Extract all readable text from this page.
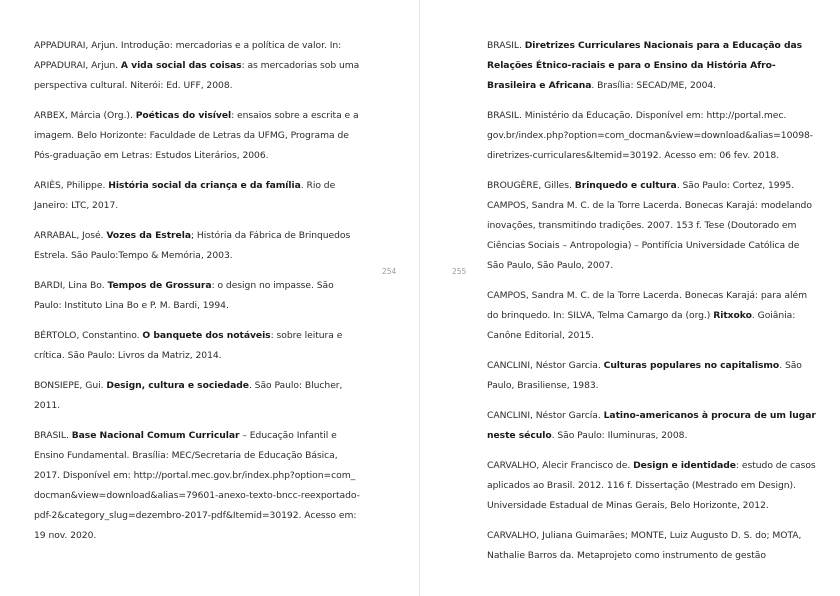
APPADURAI, Arjun. Introdução: mercadorias e a política de valor. In: APPADURAI, Arjun. A vida social das coisas: as mercadorias sob uma perspectiva cultural. Niterói: Ed. UFF, 2008.

ARBEX, Márcia (Org.). Poéticas do visível: ensaios sobre a escrita e a imagem. Belo Horizonte: Faculdade de Letras da UFMG, Programa de Pós-graduação em Letras: Estudos Literários, 2006.

ARIÈS, Philippe. História social da criança e da família. Rio de Janeiro: LTC, 2017.

ARRABAL, José. Vozes da Estrela; História da Fábrica de Brinquedos Estrela. São Paulo:Tempo & Memória, 2003.

BARDI, Lina Bo. Tempos de Grossura: o design no impasse. São Paulo: Instituto Lina Bo e P. M. Bardi, 1994.

BÉRTOLO, Constantino. O banquete dos notáveis: sobre leitura e crítica. São Paulo: Livros da Matriz, 2014.

BONSIEPE, Gui. Design, cultura e sociedade. São Paulo: Blucher, 2011.

BRASIL. Base Nacional Comum Curricular – Educação Infantil e Ensino Fundamental. Brasília: MEC/Secretaria de Educação Básica, 2017. Disponível em: http://portal.mec.gov.br/index.php?option=com_ docman&view=download&alias=79601-anexo-texto-bncc-reexportado-pdf-2&category_slug=dezembro-2017-pdf&Itemid=30192. Acesso em: 19 nov. 2020.

254	255

BRASIL. Diretrizes Curriculares Nacionais para a Educação das Relações Étnico-raciais e para o Ensino da História Afro-Brasileira e Africana. Brasília: SECAD/ME, 2004.

BRASIL. Ministério da Educação. Disponível em: http://portal.mec. gov.br/index.php?option=com_docman&view=download&alias=10098-diretrizes-curriculares&Itemid=30192. Acesso em: 06 fev. 2018.

BROUGÈRE, Gilles. Brinquedo e cultura. São Paulo: Cortez, 1995.

CAMPOS, Sandra M. C. de la Torre Lacerda. Bonecas Karajá: modelando inovações, transmitindo tradições. 2007. 153 f. Tese (Doutorado em Ciências Sociais – Antropologia) – Pontifícia Universidade Católica de São Paulo, São Paulo, 2007.

CAMPOS, Sandra M. C. de la Torre Lacerda. Bonecas Karajá: para além do brinquedo. In: SILVA, Telma Camargo da (org.) Ritxoko. Goiânia: Canône Editorial, 2015.

CANCLINI, Néstor Garcia. Culturas populares no capitalismo. São Paulo, Brasiliense, 1983.

CANCLINI, Néstor García. Latino-americanos à procura de um lugar neste século. São Paulo: Iluminuras, 2008.

CARVALHO, Alecir Francisco de. Design e identidade: estudo de casos aplicados ao Brasil. 2012. 116 f. Dissertação (Mestrado em Design). Universidade Estadual de Minas Gerais, Belo Horizonte, 2012.

CARVALHO, Juliana Guimarães; MONTE, Luiz Augusto D. S. do; MOTA, Nathalie Barros da. Metaprojeto como instrumento de gestão
